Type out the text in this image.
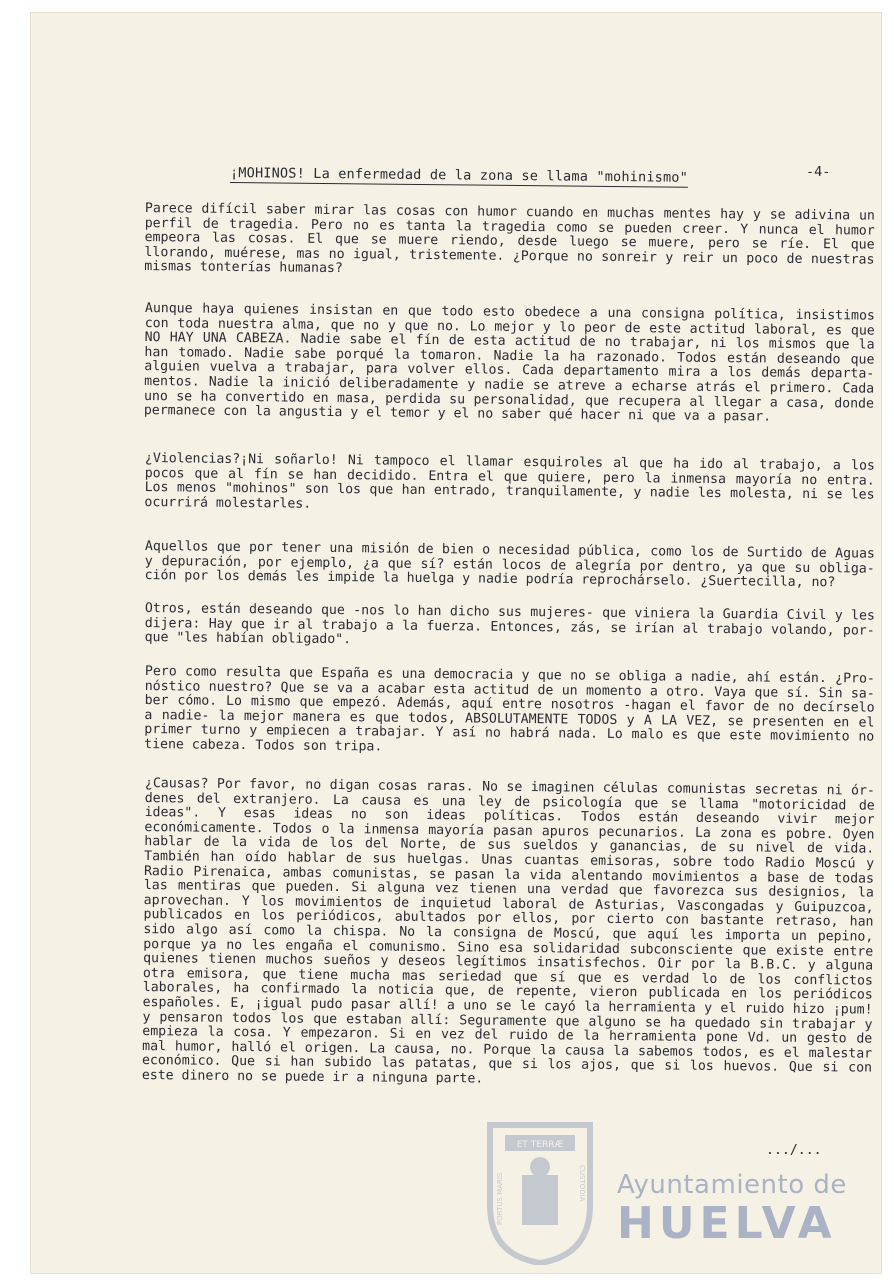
¡MOHINOS! La enfermedad de la zona se llama "mohinismo"	-4-

Parece difícil saber mirar las cosas con humor cuando en muchas mentes hay y se adivina un perfil de tragedia. Pero no es tanta la tragedia como se pueden creer. Y nunca el humor empeora las cosas. El que se muere riendo, desde luego se muere, pero se ríe. El que llorando, muérese, mas no igual, tristemente. ¿Porque no sonreir y reir un poco de nuestras mismas tonterías humanas?

Aunque haya quienes insistan en que todo esto obedece a una consigna política, insistimos con toda nuestra alma, que no y que no. Lo mejor y lo peor de este actitud laboral, es que NO HAY UNA CABEZA. Nadie sabe el fín de esta actitud de no trabajar, ni los mismos que la han tomado. Nadie sabe porqué la tomaron. Nadie la ha razonado. Todos están deseando que alguien vuelva a trabajar, para volver ellos. Cada departamento mira a los demás departamentos. Nadie la inició deliberadamente y nadie se atreve a echarse atrás el primero. Cada uno se ha convertido en masa, perdida su personalidad, que recupera al llegar a casa, donde permanece con la angustia y el temor y el no saber qué hacer ni que va a pasar.

¿Violencias?¡Ni soñarlo! Ni tampoco el llamar esquiroles al que ha ido al trabajo, a los pocos que al fín se han decidido. Entra el que quiere, pero la inmensa mayoría no entra. Los menos "mohinos" son los que han entrado, tranquilamente, y nadie les molesta, ni se les ocurrirá molestarles.

Aquellos que por tener una misión de bien o necesidad pública, como los de Surtido de Aguas y depuración, por ejemplo, ¿a que sí? están locos de alegría por dentro, ya que su obligación por los demás les impide la huelga y nadie podría reprochárselo. ¿Suertecilla, no?

Otros, están deseando que -nos lo han dicho sus mujeres- que viniera la Guardia Civil y les dijera: Hay que ir al trabajo a la fuerza. Entonces, zás, se irían al trabajo volando, porque "les habían obligado".

Pero como resulta que España es una democracia y que no se obliga a nadie, ahí están. ¿Pronóstico nuestro? Que se va a acabar esta actitud de un momento a otro. Vaya que sí. Sin saber cómo. Lo mismo que empezó. Además, aquí entre nosotros -hagan el favor de no decírselo a nadie- la mejor manera es que todos, ABSOLUTAMENTE TODOS y A LA VEZ, se presenten en el primer turno y empiecen a trabajar. Y así no habrá nada. Lo malo es que este movimiento no tiene cabeza. Todos son tripa.

¿Causas? Por favor, no digan cosas raras. No se imaginen células comunistas secretas ni órdenes del extranjero. La causa es una ley de psicología que se llama "motoricidad de ideas". Y esas ideas no son ideas políticas. Todos están deseando vivir mejor económicamente. Todos o la inmensa mayoría pasan apuros pecunarios. La zona es pobre. Oyen hablar de la vida de los del Norte, de sus sueldos y ganancias, de su nivel de vida. También han oído hablar de sus huelgas. Unas cuantas emisoras, sobre todo Radio Moscú y Radio Pirenaica, ambas comunistas, se pasan la vida alentando movimientos a base de todas las mentiras que pueden. Si alguna vez tienen una verdad que favorezca sus designios, la aprovechan. Y los movimientos de inquietud laboral de Asturias, Vascongadas y Guipuzcoa, publicados en los periódicos, abultados por ellos, por cierto con bastante retraso, han sido algo así como la chispa. No la consigna de Moscú, que aquí les importa un pepino, porque ya no les engaña el comunismo. Sino esa solidaridad subconsciente que existe entre quienes tienen muchos sueños y deseos legítimos insatisfechos. Oir por la B.B.C. y alguna otra emisora, que tiene mucha mas seriedad que sí que es verdad lo de los conflictos laborales, ha confirmado la noticia que, de repente, vieron publicada en los periódicos españoles. E, ¡igual pudo pasar allí! a uno se le cayó la herramienta y el ruido hizo ¡pum! y pensaron todos los que estaban allí: Seguramente que alguno se ha quedado sin trabajar y empieza la cosa. Y empezaron. Si en vez del ruido de la herramienta pone Vd. un gesto de mal humor, halló el origen. La causa, no. Porque la causa la sabemos todos, es el malestar económico. Que si han subido las patatas, que si los ajos, que si los huevos. Que si con este dinero no se puede ir a ninguna parte.

.../...
ET TERRÆ
PORTUS MARIS	CUSTODIA Ayuntamiento de
HUELVA
